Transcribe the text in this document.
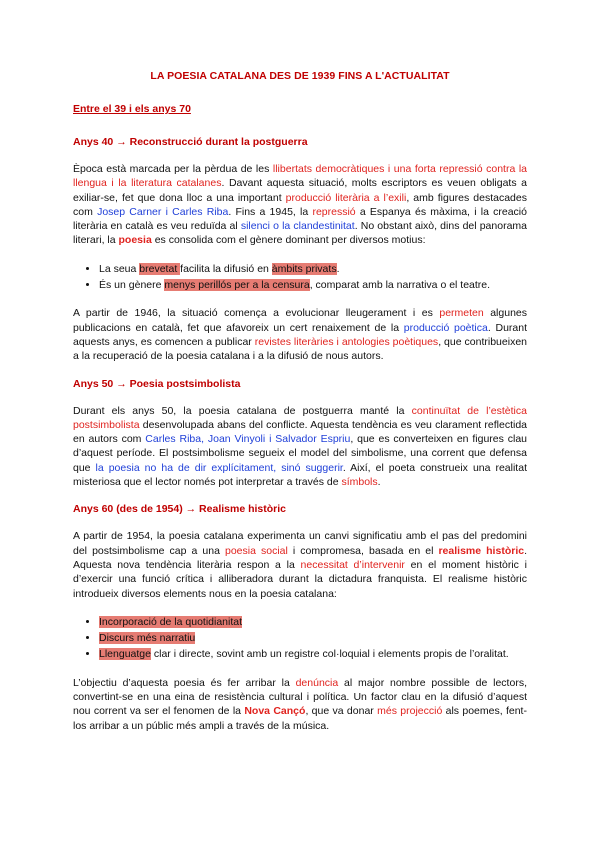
LA POESIA CATALANA DES DE 1939 FINS A L'ACTUALITAT
Entre el 39 i els anys 70
Anys 40 → Reconstrucció durant la postguerra

Època està marcada per la pèrdua de les llibertats democràtiques i una forta repressió contra la llengua i la literatura catalanes. Davant aquesta situació, molts escriptors es veuen obligats a exiliar-se, fet que dona lloc a una important producció literària a l’exili, amb figures destacades com Josep Carner i Carles Riba. Fins a 1945, la repressió a Espanya és màxima, i la creació literària en català es veu reduïda al silenci o la clandestinitat. No obstant això, dins del panorama literari, la poesia es consolida com el gènere dominant per diversos motius:

• La seua brevetat facilita la difusió en àmbits privats.
• És un gènere menys perillós per a la censura, comparat amb la narrativa o el teatre.

A partir de 1946, la situació comença a evolucionar lleugerament i es permeten algunes publicacions en català, fet que afavoreix un cert renaixement de la producció poètica. Durant aquests anys, es comencen a publicar revistes literàries i antologies poètiques, que contribueixen a la recuperació de la poesia catalana i a la difusió de nous autors.

Anys 50 → Poesia postsimbolista

Durant els anys 50, la poesia catalana de postguerra manté la continuïtat de l’estètica postsimbolista desenvolupada abans del conflicte. Aquesta tendència es veu clarament reflectida en autors com Carles Riba, Joan Vinyoli i Salvador Espriu, que es converteixen en figures clau d’aquest període. El postsimbolisme segueix el model del simbolisme, una corrent que defensa que la poesia no ha de dir explícitament, sinó suggerir. Així, el poeta construeix una realitat misteriosa que el lector només pot interpretar a través de símbols.

Anys 60 (des de 1954) → Realisme històric

A partir de 1954, la poesia catalana experimenta un canvi significatiu amb el pas del predomini del postsimbolisme cap a una poesia social i compromesa, basada en el realisme històric. Aquesta nova tendència literària respon a la necessitat d’intervenir en el moment històric i d’exercir una funció crítica i alliberadora durant la dictadura franquista. El realisme històric introdueix diversos elements nous en la poesia catalana:

• Incorporació de la quotidianitat
• Discurs més narratiu
• Llenguatge clar i directe, sovint amb un registre col·loquial i elements propis de l’oralitat.

L’objectiu d’aquesta poesia és fer arribar la denúncia al major nombre possible de lectors, convertint-se en una eina de resistència cultural i política. Un factor clau en la difusió d’aquest nou corrent va ser el fenomen de la Nova Cançó, que va donar més projecció als poemes, fent-los arribar a un públic més ampli a través de la música.
